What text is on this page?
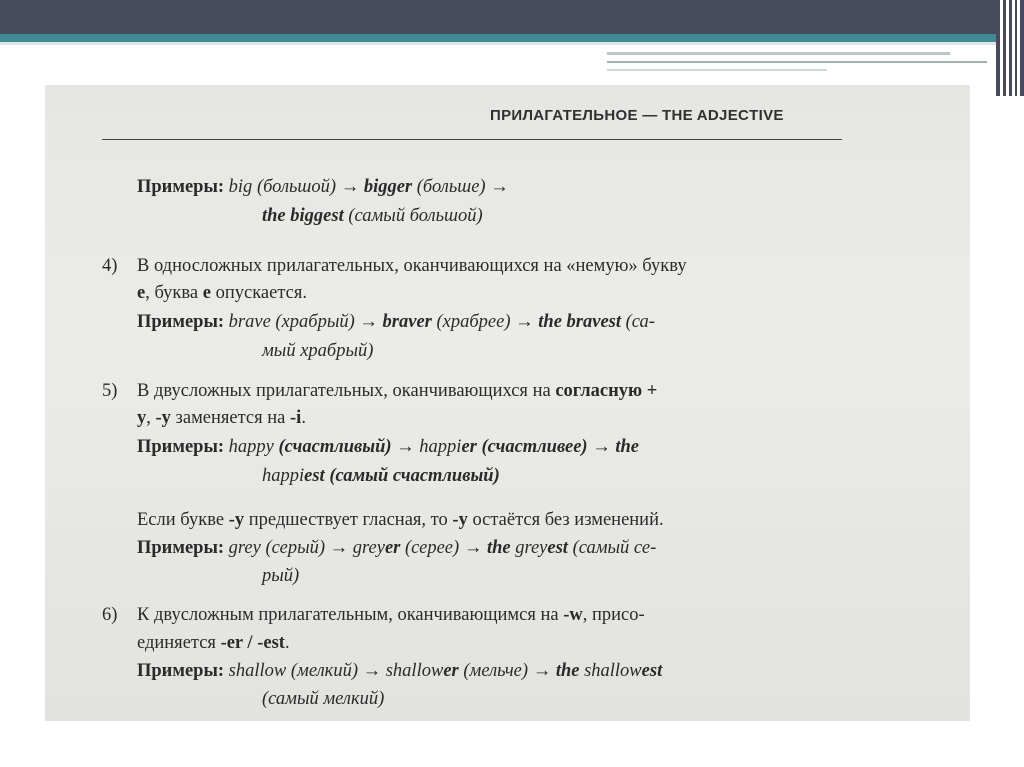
ПРИЛАГАТЕЛЬНОЕ — THE ADJECTIVE
Примеры: big (большой) → bigger (больше) →
the biggest (самый большой)
4) В односложных прилагательных, оканчивающихся на «немую» букву
е, буква е опускается.
Примеры: brave (храбрый) → braver (храбрее) → the bravest (са-
мый храбрый)
5) В двусложных прилагательных, оканчивающихся на согласную +
y, -y заменяется на -i.
Примеры: happy (счастливый) → happier (счастливее) → the
happiest (самый счастливый)
Если букве -y предшествует гласная, то -y остаётся без изменений.
Примеры: grey (серый) → greyer (серее) → the greyest (самый се-
рый)
6) К двусложным прилагательным, оканчивающимся на -w, присо-
единяется -er / -est.
Примеры: shallow (мелкий) → shallower (мельче) → the shallowest
(самый мелкий)
